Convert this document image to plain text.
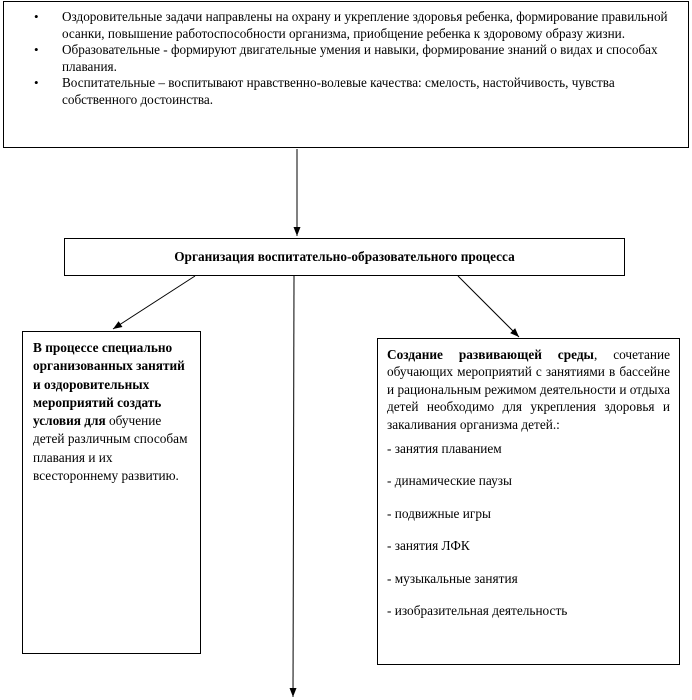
• Оздоровительные задачи направлены на охрану и укрепление здоровья ребенка, формирование правильной осанки, повышение работоспособности организма, приобщение ребенка к здоровому образу жизни.
• Образовательные - формируют двигательные умения и навыки, формирование знаний о видах и способах плавания.
• Воспитательные – воспитывают нравственно-волевые качества: смелость, настойчивость, чувства собственного достоинства.
Организация воспитательно-образовательного процесса
В процессе специально организованных занятий и оздоровительных мероприятий создать условия для обучение детей различным способам плавания и их всестороннему развитию.

Создание развивающей среды, сочетание обучающих мероприятий с занятиями в бассейне и рациональным режимом деятельности и отдыха детей необходимо для укрепления здоровья и закаливания организма детей.:

- занятия плаванием

- динамические паузы

- подвижные игры

- занятия ЛФК

- музыкальные занятия

- изобразительная деятельность
